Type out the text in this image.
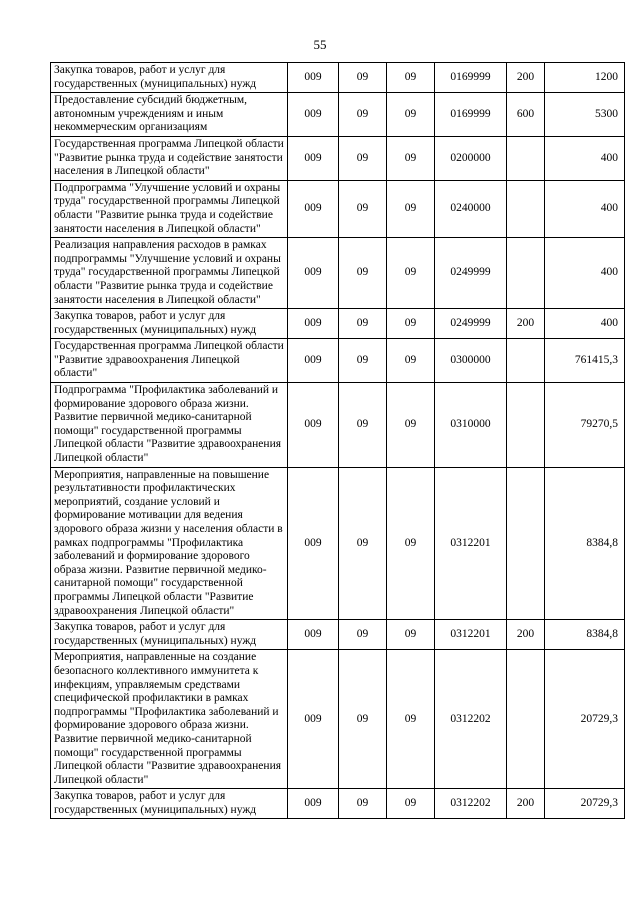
55
Закупка товаров, работ и услуг для государственных (муниципальных) нужд	009	09	09	0169999	200	1200
Предоставление субсидий бюджетным, автономным учреждениям и иным некоммерческим организациям	009	09	09	0169999	600	5300
Государственная программа Липецкой области "Развитие рынка труда и содействие занятости населения в Липецкой области"	009	09	09	0200000		400
Подпрограмма "Улучшение условий и охраны труда" государственной программы Липецкой области "Развитие рынка труда и содействие занятости населения в Липецкой области"	009	09	09	0240000		400
Реализация направления расходов в рамках подпрограммы "Улучшение условий и охраны труда" государственной программы Липецкой области "Развитие рынка труда и содействие занятости населения в Липецкой области"	009	09	09	0249999		400
Закупка товаров, работ и услуг для государственных (муниципальных) нужд	009	09	09	0249999	200	400
Государственная программа Липецкой области "Развитие здравоохранения Липецкой области"	009	09	09	0300000		761415,3
Подпрограмма "Профилактика заболеваний и формирование здорового образа жизни. Развитие первичной медико-санитарной помощи" государственной программы Липецкой области "Развитие здравоохранения Липецкой области"	009	09	09	0310000		79270,5
Мероприятия, направленные на повышение результативности профилактических мероприятий, создание условий и формирование мотивации для ведения здорового образа жизни у населения области в рамках подпрограммы "Профилактика заболеваний и формирование здорового образа жизни. Развитие первичной медико-санитарной помощи" государственной программы Липецкой области "Развитие здравоохранения Липецкой области"	009	09	09	0312201		8384,8
Закупка товаров, работ и услуг для государственных (муниципальных) нужд	009	09	09	0312201	200	8384,8
Мероприятия, направленные на создание безопасного коллективного иммунитета к инфекциям, управляемым средствами специфической профилактики в рамках подпрограммы "Профилактика заболеваний и формирование здорового образа жизни. Развитие первичной медико-санитарной помощи" государственной программы Липецкой области "Развитие здравоохранения Липецкой области"	009	09	09	0312202		20729,3
Закупка товаров, работ и услуг для государственных (муниципальных) нужд	009	09	09	0312202	200	20729,3
